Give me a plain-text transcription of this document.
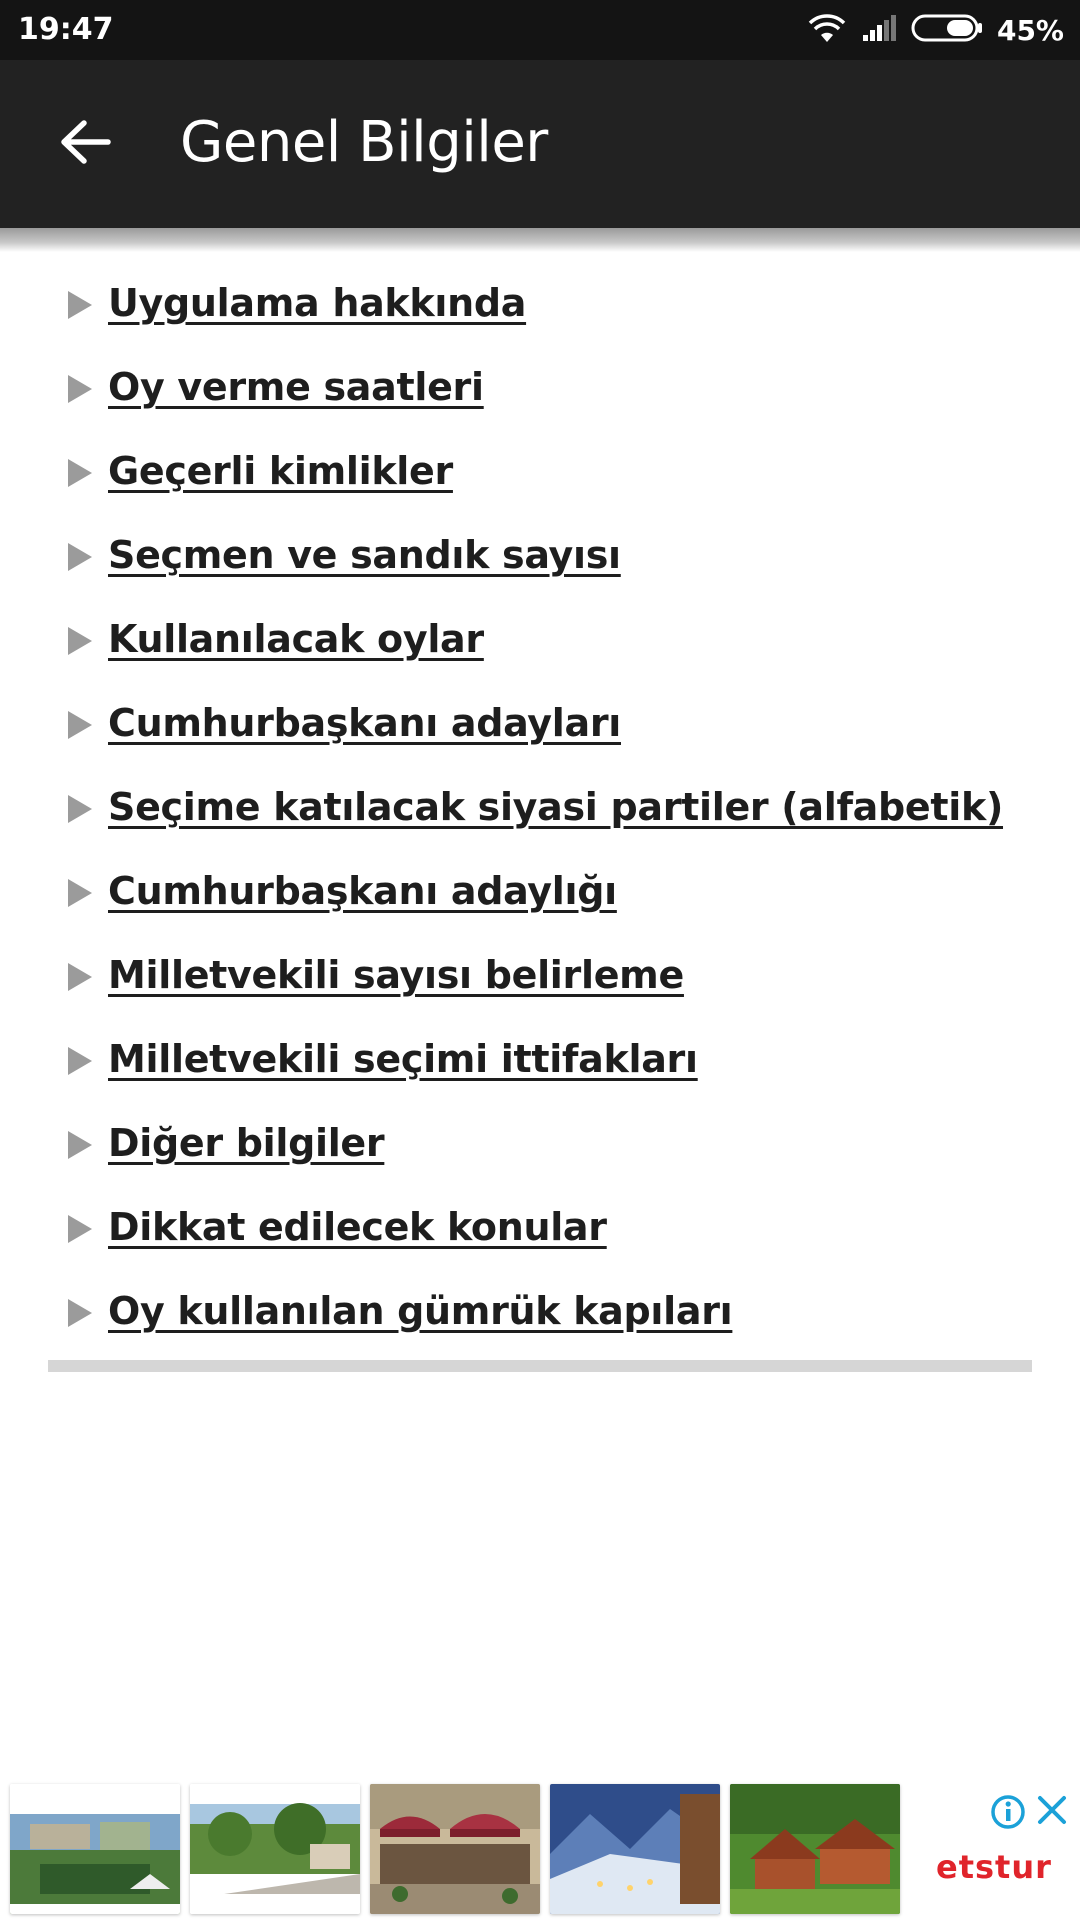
19:47	45%
Genel Bilgiler
Uygulama hakkında
Oy verme saatleri
Geçerli kimlikler
Seçmen ve sandık sayısı
Kullanılacak oylar
Cumhurbaşkanı adayları
Seçime katılacak siyasi partiler (alfabetik)
Cumhurbaşkanı adaylığı
Milletvekili sayısı belirleme
Milletvekili seçimi ittifakları
Diğer bilgiler
Dikkat edilecek konular
Oy kullanılan gümrük kapıları
etstur
